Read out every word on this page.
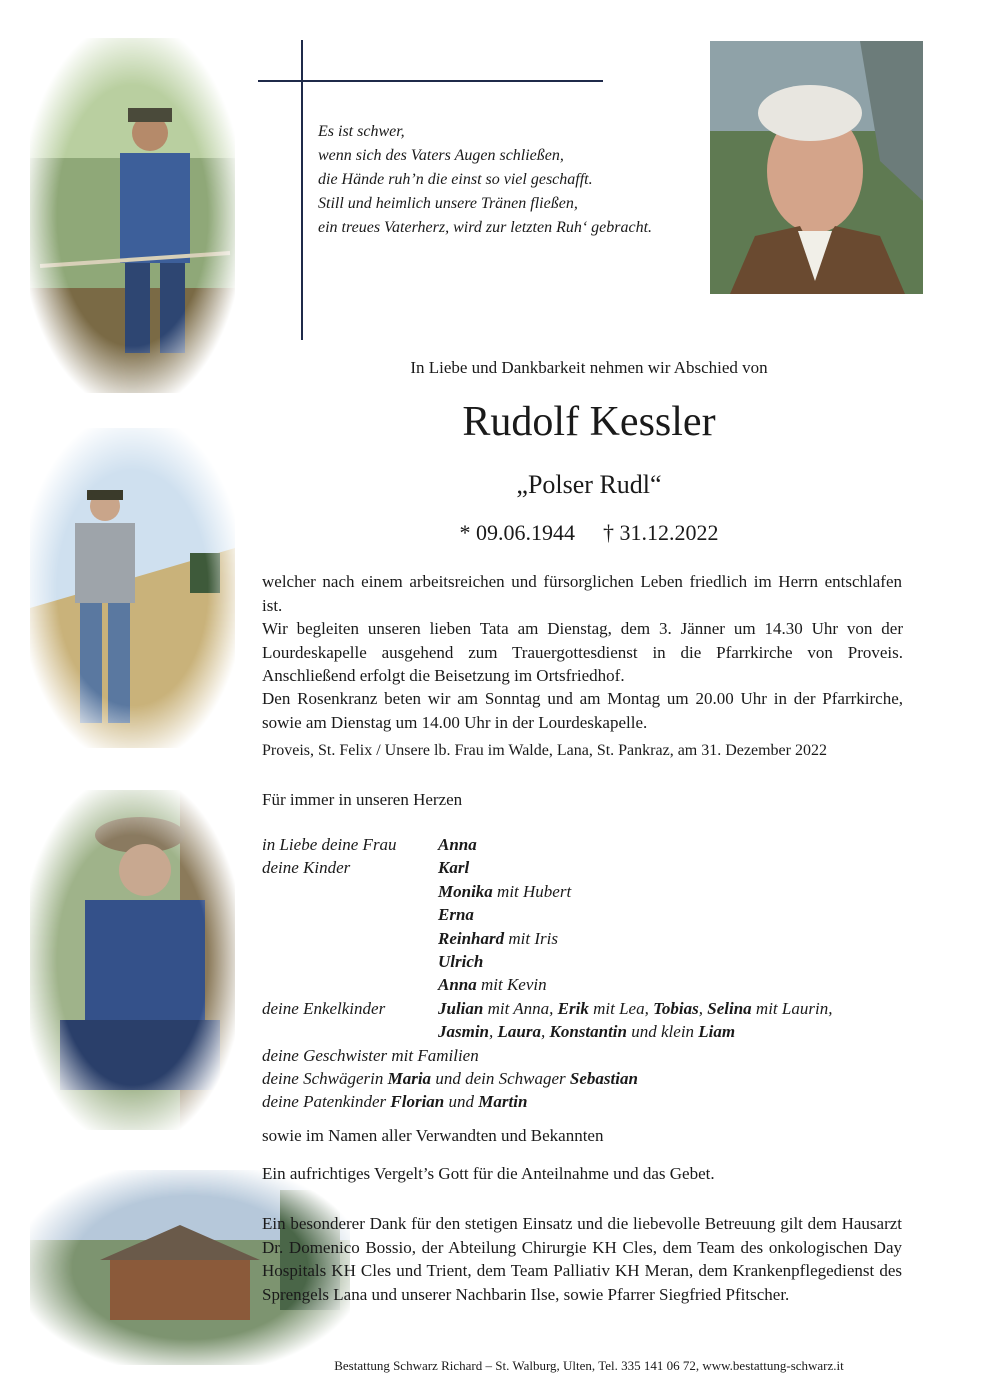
Es ist schwer,
wenn sich des Vaters Augen schließen,
die Hände ruh’n die einst so viel geschafft.
Still und heimlich unsere Tränen fließen,
ein treues Vaterherz, wird zur letzten Ruh‘ gebracht.
In Liebe und Dankbarkeit nehmen wir Abschied von
Rudolf Kessler
„Polser Rudl“
* 09.06.1944 † 31.12.2022
welcher nach einem arbeitsreichen und fürsorglichen Leben friedlich im Herrn entschlafen ist.
Wir begleiten unseren lieben Tata am Dienstag, dem 3. Jänner um 14.30 Uhr von der Lourdeskapelle ausgehend zum Trauergottesdienst in die Pfarrkirche von Proveis. Anschließend erfolgt die Beisetzung im Ortsfriedhof.
Den Rosenkranz beten wir am Sonntag und am Montag um 20.00 Uhr in der Pfarrkirche, sowie am Dienstag um 14.00 Uhr in der Lourdeskapelle.
Proveis, St. Felix / Unsere lb. Frau im Walde, Lana, St. Pankraz, am 31. Dezember 2022
Für immer in unseren Herzen
in Liebe deine Frau	Anna
deine Kinder	Karl
Monika mit Hubert
Erna
Reinhard mit Iris
Ulrich
Anna mit Kevin
deine Enkelkinder	Julian mit Anna, Erik mit Lea, Tobias, Selina mit Laurin,
Jasmin, Laura, Konstantin und klein Liam
deine Geschwister mit Familien
deine Schwägerin Maria und dein Schwager Sebastian
deine Patenkinder Florian und Martin
sowie im Namen aller Verwandten und Bekannten
Ein aufrichtiges Vergelt’s Gott für die Anteilnahme und das Gebet.
Ein besonderer Dank für den stetigen Einsatz und die liebevolle Betreuung gilt dem Hausarzt Dr. Domenico Bossio, der Abteilung Chirurgie KH Cles, dem Team des onkologischen Day Hospitals KH Cles und Trient, dem Team Palliativ KH Meran, dem Krankenpflegedienst des Sprengels Lana und unserer Nachbarin Ilse, sowie Pfarrer Siegfried Pfitscher.
Bestattung Schwarz Richard – St. Walburg, Ulten, Tel. 335 141 06 72, www.bestattung-schwarz.it
